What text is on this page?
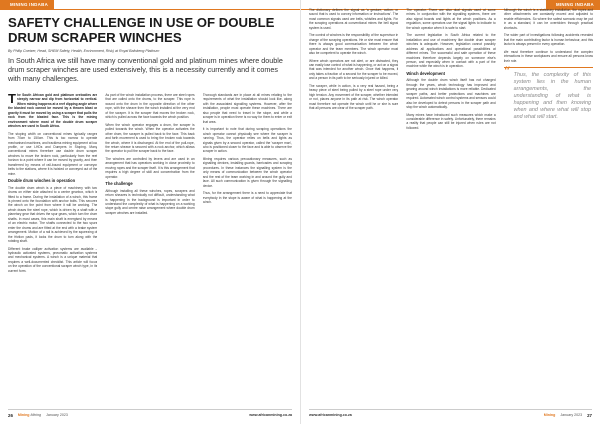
MINING INDABA
SAFETY CHALLENGE IN USE OF DOUBLE DRUM SCRAPER WINCHES
By Philip Coetzer, Head, SHEM Safety, Health, Environment, Risk) at Royal Bafokeng Platinum
In South Africa we still have many conventional gold and platinum mines where double drum scraper winches are used extensively, this is a necessity currently and it comes with many challenges.

The South African gold and platinum orebodies are steeply narrow and dip from horizontal to vertical. When mining happens at a reef dipping angle where the blasted rock cannot be moved by a thrown blast or gravity it must be moved by using a scraper that pulls the rock from the blasted face. This is the mining environment where most of the double drum scraper winches are used in South Africa.

The stoping width on conventional mines typically ranges from 70cm to 150cm. This is too narrow to operate mechanised machines, and trackless mining equipment at low profile, or use LHDs and Dumpers in Stoping. Many conventional mines therefore use double drum scraper winches to move the broken rock, particularly from the reef horizon to a point where it can be moved by gravity, and then transferred by means of rail-bound equipment or conveyor belts to the stations, where it is hoisted or conveyed out of the mine.

Double drum winches in operation

The double drum winch is a piece of machinery with two drums on either side attached to a centre gearbox, which is fitted to a frame. During the installation of a winch, this frame is pinned onto the foundation with anchor bolts. This secures the winch on the point from where it will be working. The winch draws the steel rope, which is driven by a shaft with a planetary gear that drives the spur gears, which turn the drum shafts. In most cases, this main shaft is energised by means of an electric motor. The shafts connected to the two spurs enter the drums and are fitted at the end with a brake system arrangement. Motion of a rail is achieved by the squeezing of the friction pads, it locks the drum to turn along with the rotating shaft.

Different brake calliper activation systems are available – hydraulic activated systems, pneumatic activation systems and mechanical systems. A winch is a unique material that requires a well-documented checklist. This article will focus on the operation of the conventional scraper winch type, in its current form.

As part of the winch installation process, there are steel ropes that are called onto the drums, to the scraper. This rope is wound onto the drum in the opposite direction of the other rope, with the sheave then the winch installed at the very end of the scraper. It is the scraper that moves the broken rock, which is pulled across the face towards the winch position.

When the winch operator engages a drum, the scraper is pulled towards the winch. When the operator activates the other drum, the scraper is pulled back to the face. This back and forth movement is used to bring the broken rock towards the winch, where it is discharged. At the end of the pull-rope, the return sheave is secured with a rock anchor, which allows the operator to pull the scraper back to the face.

The winches are controlled by levers and are used in an arrangement that has operators working in close proximity to moving ropes and the scraper itself. It is this arrangement that requires a high degree of skill and concentration from the operator.

The challenge

Although installing all these winches, ropes, scrapers and return sheaves is technically not difficult, understanding what is happening in the background is important in order to understand the complexity of what is happening on a working stope gully and centre raise arrangement where double drum scraper winches are installed.

Thorough standards are in place at all mines relating to the requirements of what the installation should look like, along with the associated signalling systems. However, after the installation, people must operate these machines. There are also people that need to travel in the stope, and while a scraper is in operation there is no way for them to enter or exit that area.

It is important to note that during scraping operations the winch operator cannot physically see where the scraper is running. Thus, the operator relies on bells and lights as signals given by a second operator, called the 'scraper man', who is positioned closer to the face and is able to observe the scraper in action.

Mining requires various precautionary measures, such as signalling devices, installing guards, barricades and scraping procedures. In these instances the signalling system is the only means of communication between the winch operator and the rest of the team working in and around the gully and face. All such communication is given through the signalling device.

Thus, for the arrangement there is a need to appreciate that everybody in the stope is aware of what is happening at the winch.

26 Mining Mining January 2023	www.africanmining.co.za
MINING INDABA

The dictionary defines the signal as 'a gesture, action, or sound that is used to convey information or instructions'. The most common signals used are bells, whistles and lights. For the scraping operations at conventional mines the bell signal system is used.

The control of winches is the responsibility of the supervisor in charge of the scraping operations. He or she must ensure that there is always good communication between the winch operator and the team members. The winch operator must also be competent to operate the winch.

Where winch operators are not alert, or are distracted, they can easily lose control of what is happening, or act on a signal that was intended for another winch. Once that happens, it only takes a fraction of a second for the scraper to be moved, and a person in its path to be seriously injured or killed.

The scraper, while in action, is a very real hazard, being a heavy piece of steel being pulled by a steel rope under very high tension. Any movement of the scraper, whether intended or not, places anyone in its path at risk. The winch operator must therefore not operate the winch until he or she is sure that all persons are clear of the scraper path.

The operator. There are also dual signals used at some mines. In conjunction with the signalling systems, there are also signal boards and lights at the winch positions. As a regulation, some operators use the signal lights to indicate to the winch operator when it is safe to start.

The current legislation in South Africa related to the installation and use of machinery like double drum scraper winches is adequate. However, legislation cannot possibly address all applications and operational possibilities at different mines. The successful and safe operation of these machines therefore depends largely on someone else's person, and especially when in contact with a part of the machine while the winch is in operation.

Winch development

Although the double drum winch itself has not changed through the years, winch technology has improved and gearing around winch installations is more reliable. Dedicated scraper paths, and better protections and machines are required. Automated winch control systems and sensors could also be developed to detect persons in the scraper path and stop the winch automatically.

Many mines have introduced such measures which make a considerable difference in safety. Unfortunately, there remains a reality that people can still be injured when rules are not followed.

Although the winch is a stationary installation, the ropes and other attachments are constantly moved and adjusted to enable efficiencies. So where the safest scenario may be put in as a standard, it can be overridden through practical shortcuts.

The wider part of investigations following accidents revealed that the main contributing factor is human behaviour, and this factor is always present in every operation.

We must therefore continue to understand the complex interactions in these workplaces and ensure all persons know their role.

“ Thus, the complexity of this system lies in the human arrangements, the understanding of what is happening and then knowing when and where what will stop and what will start.
www.africanmining.co.za	Mining January 2023 27
